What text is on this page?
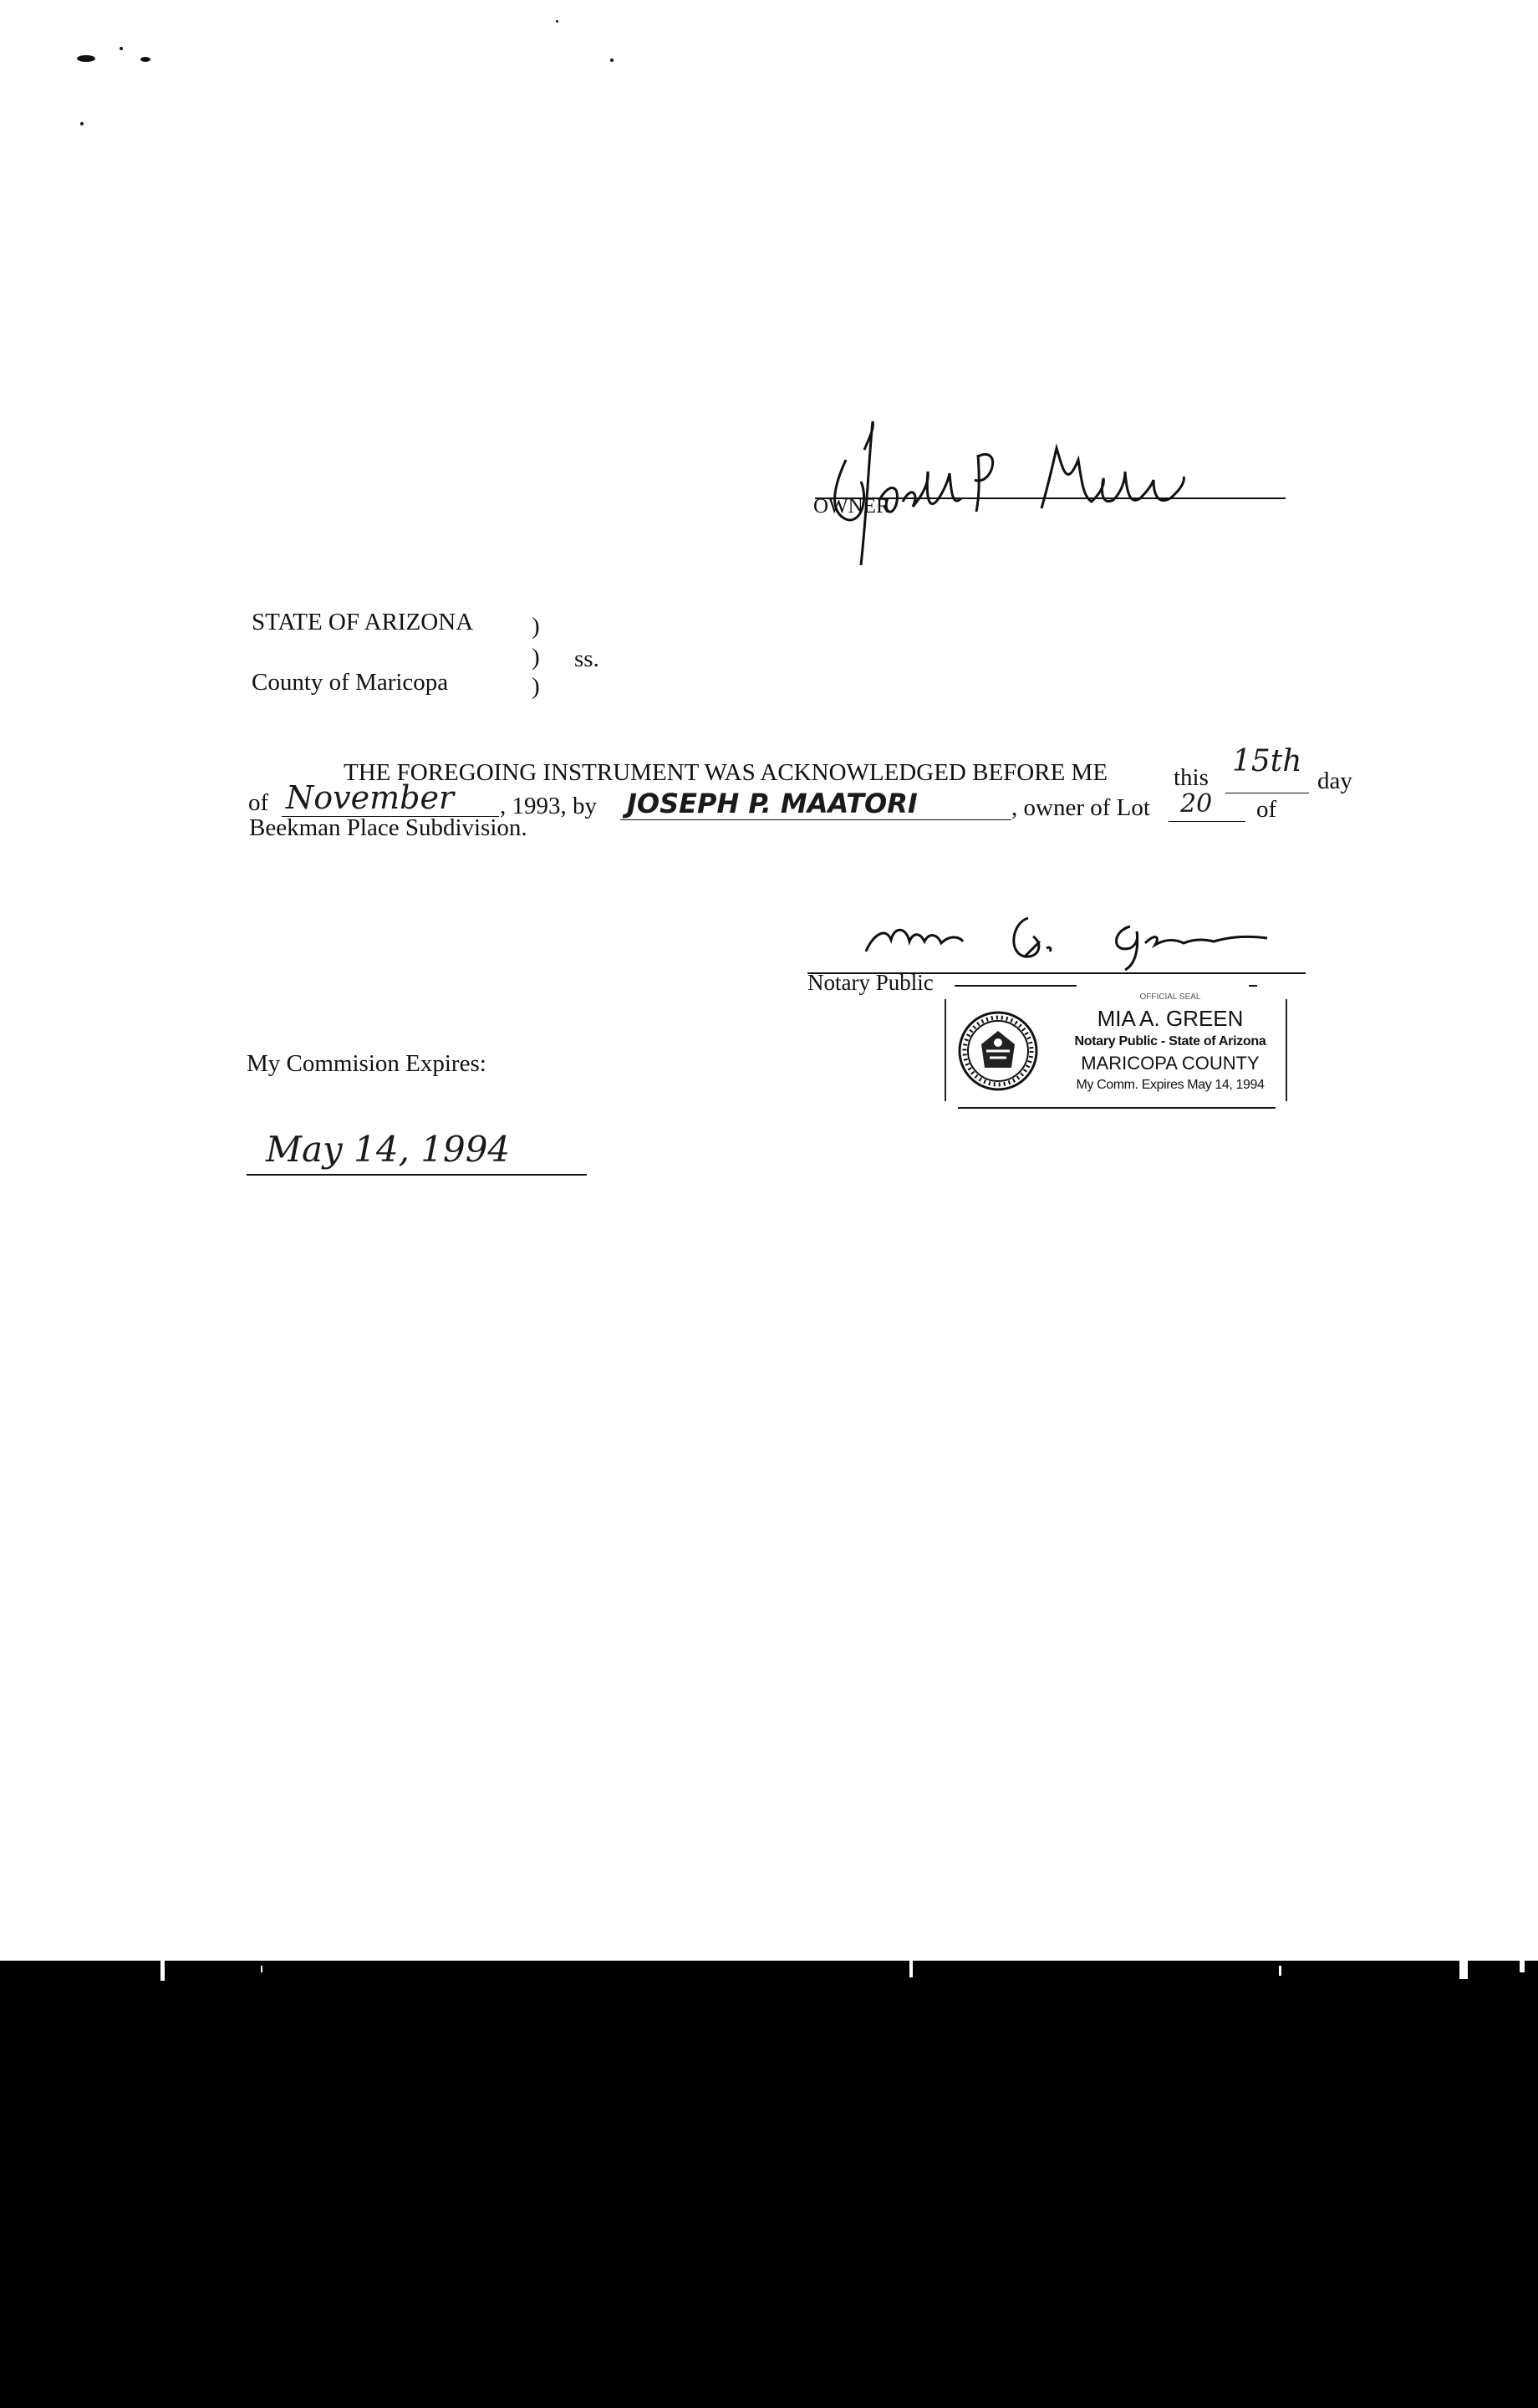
OWNER
STATE OF ARIZONA )
) ss.
County of Maricopa	)
THE FOREGOING INSTRUMENT WAS ACKNOWLEDGED BEFORE ME	this 15th
day
of November , 1993, by JOSEPH P. MAATORI	, owner of Lot 20 of
Beekman Place Subdivision.
Notary Public
OFFICIAL SEAL
MIA A. GREEN
Notary Public - State of Arizona
MARICOPA COUNTY
My Comm. Expires May 14, 1994
My Commision Expires:
May 14, 1994
